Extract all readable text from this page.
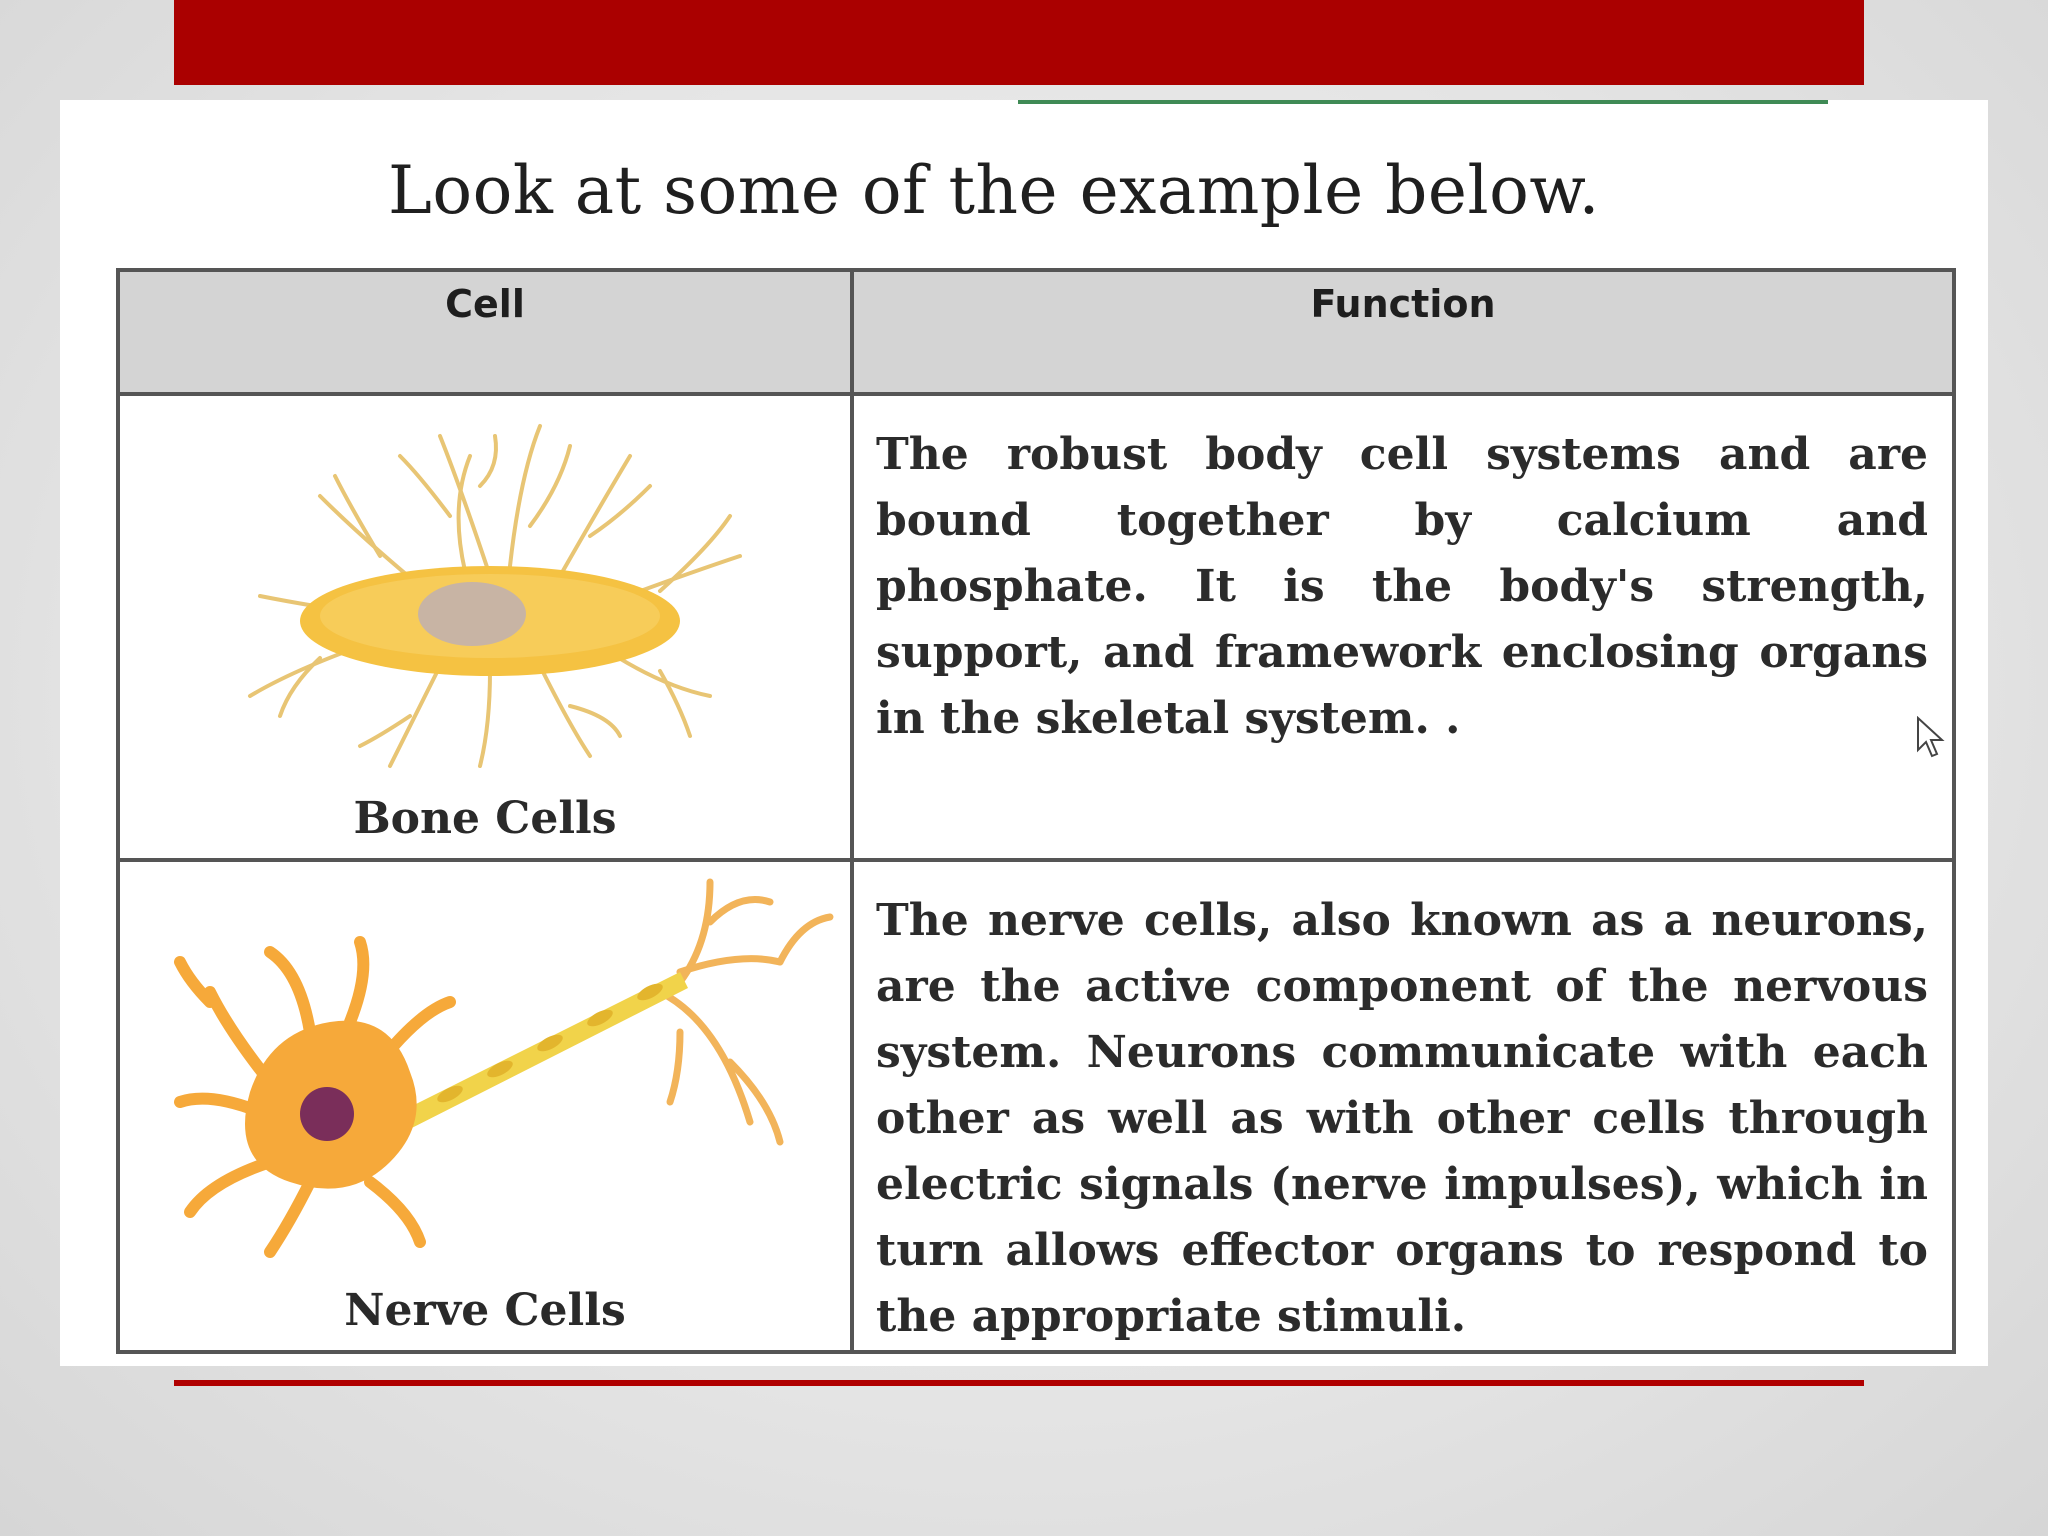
Look at some of the example below.
Cell	Function

Bone Cells	The robust body cell systems and are bound together by calcium and phosphate. It is the body's strength, support, and framework enclosing organs in the skeletal system. .

Nerve Cells	The nerve cells, also known as a neurons, are the active component of the nervous system. Neurons communicate with each other as well as with other cells through electric signals (nerve impulses), which in turn allows effector organs to respond to the appropriate stimuli.
